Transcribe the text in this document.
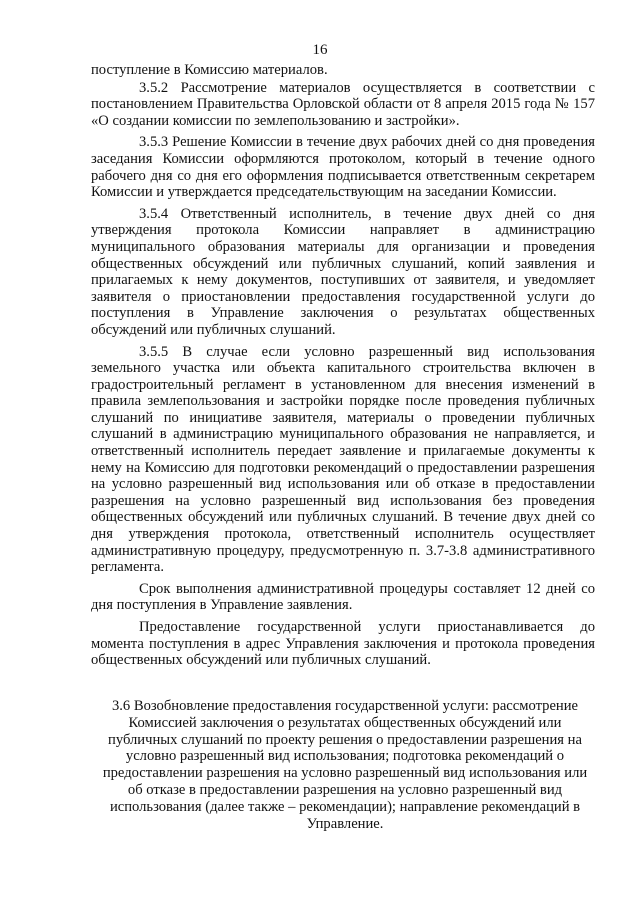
16

поступление в Комиссию материалов.

3.5.2 Рассмотрение материалов осуществляется в соответствии с постановлением Правительства Орловской области от 8 апреля 2015 года № 157 «О создании комиссии по землепользованию и застройки».

3.5.3 Решение Комиссии в течение двух рабочих дней со дня проведения заседания Комиссии оформляются протоколом, который в течение одного рабочего дня со дня его оформления подписывается ответственным секретарем Комиссии и утверждается председательствующим на заседании Комиссии.

3.5.4 Ответственный исполнитель, в течение двух дней со дня утверждения протокола Комиссии направляет в администрацию муниципального образования материалы для организации и проведения общественных обсуждений или публичных слушаний, копий заявления и прилагаемых к нему документов, поступивших от заявителя, и уведомляет заявителя о приостановлении предоставления государственной услуги до поступления в Управление заключения о результатах общественных обсуждений или публичных слушаний.

3.5.5 В случае если условно разрешенный вид использования земельного участка или объекта капитального строительства включен в градостроительный регламент в установленном для внесения изменений в правила землепользования и застройки порядке после проведения публичных слушаний по инициативе заявителя, материалы о проведении публичных слушаний в администрацию муниципального образования не направляется, и ответственный исполнитель передает заявление и прилагаемые документы к нему на Комиссию для подготовки рекомендаций о предоставлении разрешения на условно разрешенный вид использования или об отказе в предоставлении разрешения на условно разрешенный вид использования без проведения общественных обсуждений или публичных слушаний. В течение двух дней со дня утверждения протокола, ответственный исполнитель осуществляет административную процедуру, предусмотренную п. 3.7-3.8 административного регламента.

Срок выполнения административной процедуры составляет 12 дней со дня поступления в Управление заявления.

Предоставление государственной услуги приостанавливается до момента поступления в адрес Управления заключения и протокола проведения общественных обсуждений или публичных слушаний.

3.6 Возобновление предоставления государственной услуги: рассмотрение Комиссией заключения о результатах общественных обсуждений или публичных слушаний по проекту решения о предоставлении разрешения на условно разрешенный вид использования; подготовка рекомендаций о предоставлении разрешения на условно разрешенный вид использования или об отказе в предоставлении разрешения на условно разрешенный вид использования (далее также – рекомендации); направление рекомендаций в Управление.
